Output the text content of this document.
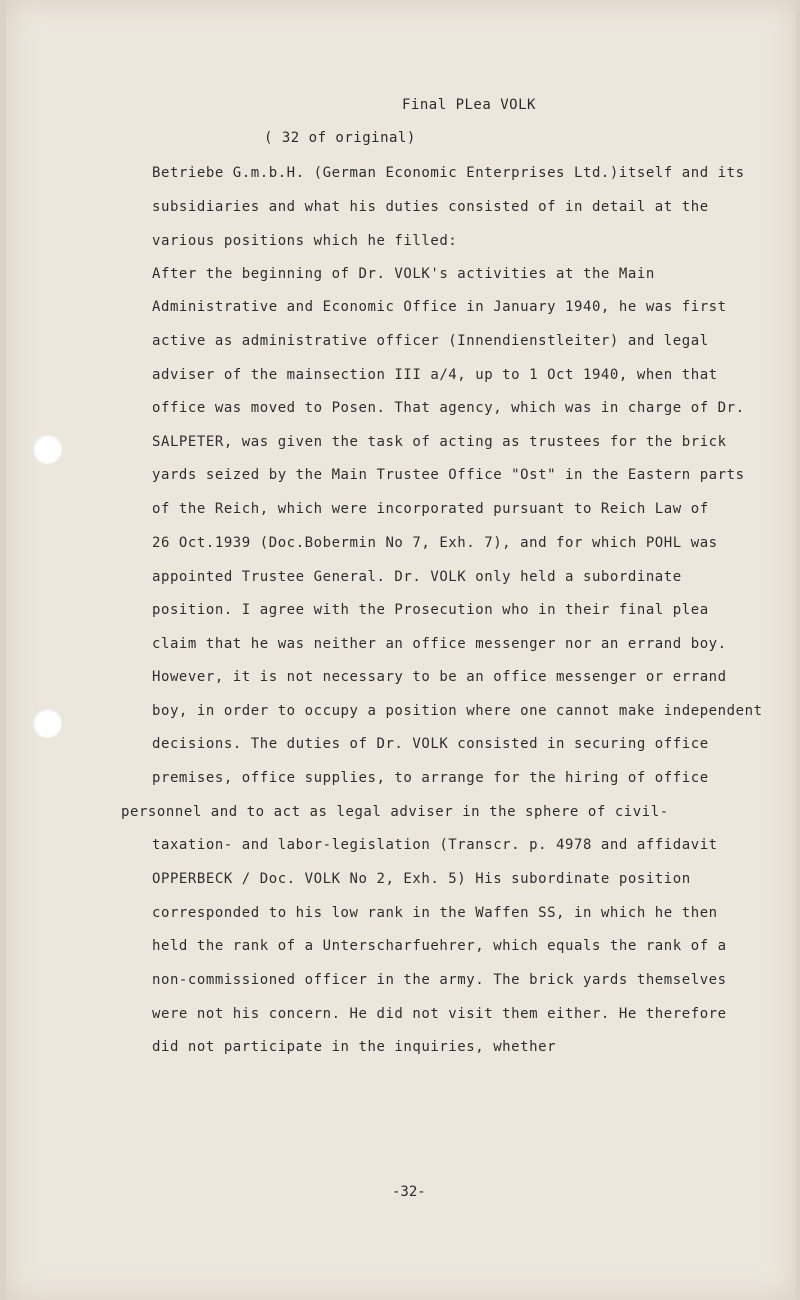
Final PLea VOLK
( 32 of original)
Betriebe G.m.b.H. (German Economic Enterprises Ltd.)itself and its
subsidiaries and what his duties consisted of in detail at the
various positions which he filled:
After the beginning of Dr. VOLK's activities at the Main
Administrative and Economic Office in January 1940, he was first
active as administrative officer (Innendienstleiter) and legal
adviser of the mainsection III a/4, up to 1 Oct 1940, when that
office was moved to Posen. That agency, which was in charge of Dr.
SALPETER, was given the task of acting as trustees for the brick
yards seized by the Main Trustee Office "Ost" in the Eastern parts
of the Reich, which were incorporated pursuant to Reich Law of
26 Oct.1939 (Doc.Bobermin No 7, Exh. 7), and for which POHL was
appointed Trustee General. Dr. VOLK only held a subordinate
position. I agree with the Prosecution who in their final plea
claim that he was neither an office messenger nor an errand boy.
However, it is not necessary to be an office messenger or errand
boy, in order to occupy a position where one cannot make independent
decisions. The duties of Dr. VOLK consisted in securing office
premises, office supplies, to arrange for the hiring of office
personnel and to act as legal adviser in the sphere of civil-
taxation- and labor-legislation (Transcr. p. 4978 and affidavit
OPPERBECK / Doc. VOLK No 2, Exh. 5) His subordinate position
corresponded to his low rank in the Waffen SS, in which he then
held the rank of a Unterscharfuehrer, which equals the rank of a
non-commissioned officer in the army. The brick yards themselves
were not his concern. He did not visit them either. He therefore
did not participate in the inquiries, whether
-32-
